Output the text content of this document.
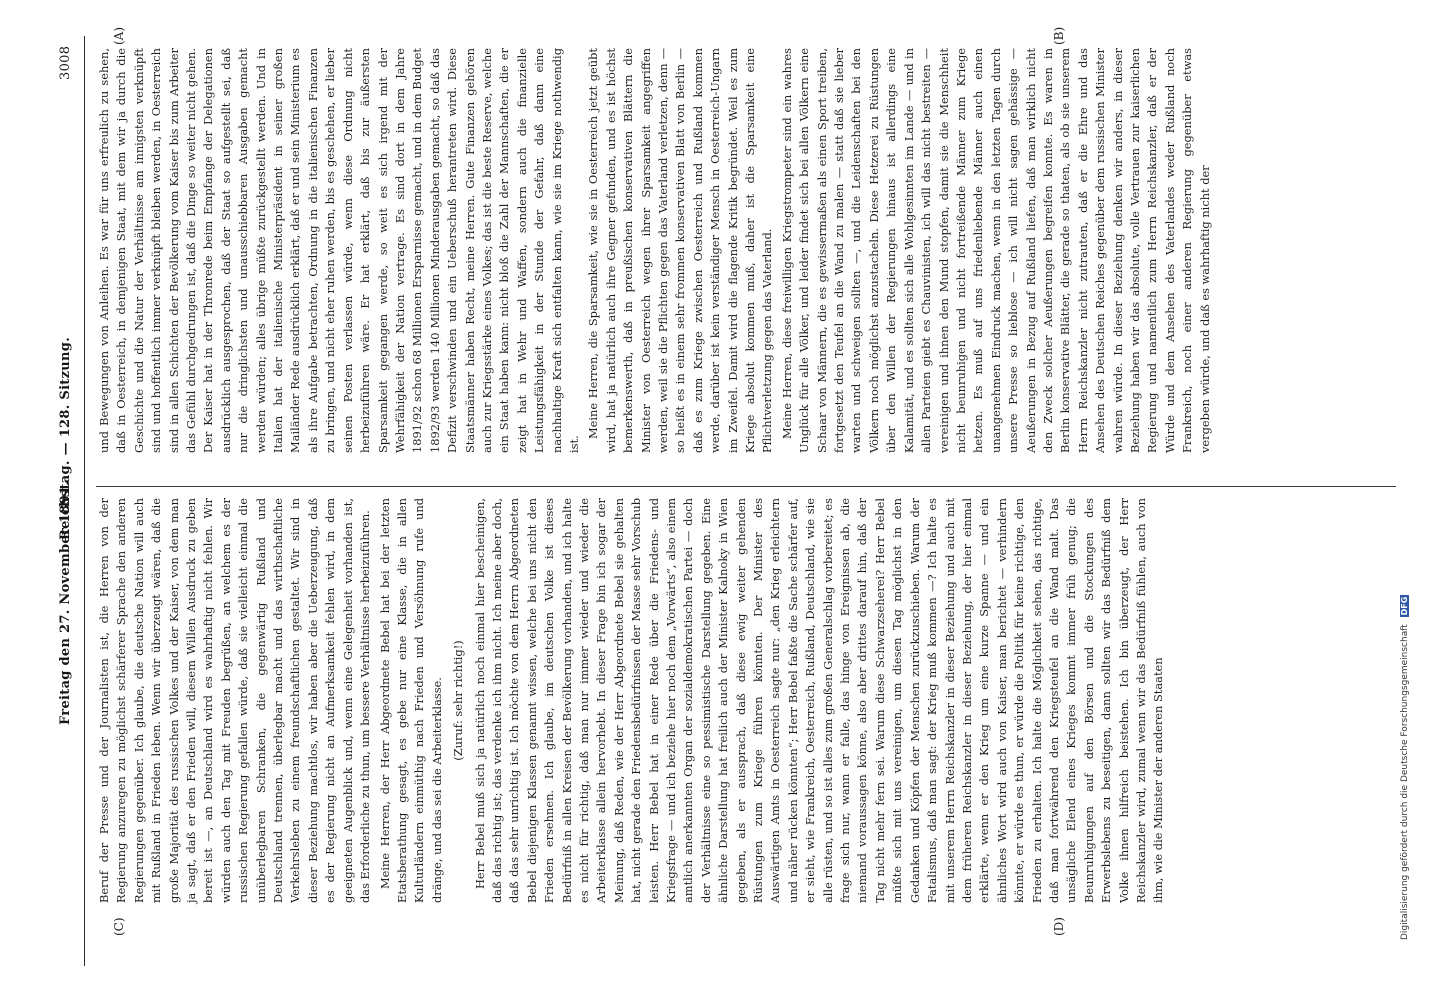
3008
Reichstag. — 128. Sitzung.
Freitag den 27. November 1891.
(A)	(B)
(C)	(D)

und Bewegungen von Anleihen. Es war für uns erfreulich zu sehen, daß in Oesterreich, in demjenigen Staat, mit dem wir ja durch die Geschichte und die Natur der Verhältnisse am innigsten verknüpft sind und hoffentlich immer verknüpft bleiben werden, in Oesterreich sind in allen Schichten der Bevölkerung vom Kaiser bis zum Arbeiter das Gefühl durchgedrungen ist, daß die Dinge so weiter nicht gehen. Der Kaiser hat in der Thronrede beim Empfange der Delegationen ausdrücklich ausgesprochen, daß der Staat so aufgestellt sei, daß nur die dringlichsten und unausschiebbaren Ausgaben gemacht werden würden; alles übrige müßte zurückgestellt werden. Und in Italien hat der italienische Ministerpräsident in seiner großen Mailänder Rede ausdrücklich erklärt, daß er und sein Ministerium es als ihre Aufgabe betrachten, Ordnung in die italienischen Finanzen zu bringen, und nicht eher ruhen werden, bis es geschehen, er lieber seinen Posten verlassen würde, wenn diese Ordnung nicht herbeizuführen wäre. Er hat erklärt, daß bis zur äußersten Sparsamkeit gegangen werde, so weit es sich irgend mit der Wehrfähigkeit der Nation vertrage. Es sind dort in dem Jahre 1891/92 schon 68 Millionen Ersparnisse gemacht, und in dem Budget 1892/93 werden 140 Millionen Minderausgaben gemacht, so daß das Defizit verschwinden und ein Ueberschuß herantreten wird. Diese Staatsmänner haben Recht, meine Herren. Gute Finanzen gehören auch zur Kriegsstärke eines Volkes; das ist die beste Reserve, welche ein Staat haben kann: nicht bloß die Zahl der Mannschaften, die er zeigt hat in Wehr und Waffen, sondern auch die finanzielle Leistungsfähigkeit in der Stunde der Gefahr, daß dann eine nachhaltige Kraft sich entfalten kann, wie sie im Kriege nothwendig ist.

Meine Herren, die Sparsamkeit, wie sie in Oesterreich jetzt geübt wird, hat ja natürlich auch ihre Gegner gefunden, und es ist höchst bemerkenswerth, daß in preußischen konservativen Blättern die Minister von Oesterreich wegen ihrer Sparsamkeit angegriffen werden, weil sie die Pflichten gegen das Vaterland verletzen, denn — so heißt es in einem sehr frommen konservativen Blatt von Berlin — daß es zum Kriege zwischen Oesterreich und Rußland kommen werde, darüber ist kein verständiger Mensch in Oesterreich-Ungarn im Zweifel. Damit wird die flagende Kritik begründet. Weil es zum Kriege absolut kommen muß, daher ist die Sparsamkeit eine Pflichtverletzung gegen das Vaterland. Meine Herren, diese freiwilligen Kriegstrompeter sind ein wahres Unglück für alle Völker, und leider findet sich bei allen Völkern eine Schaar von Männern, die es gewissermaßen als einen Sport treiben, fortgesetzt den Teufel an die Wand zu malen — statt daß sie lieber warten und schweigen sollten —, und die Leidenschaften bei den Völkern noch möglichst anzustacheln. Diese Hetzerei zu Rüstungen über den Willen der Regierungen hinaus ist allerdings eine Kalamität, und es sollten sich alle Wohlgesinnten im Lande — und in allen Parteien giebt es Chauvinisten, ich will das nicht bestreiten — vereinigen und ihnen den Mund stopfen, damit sie die Menschheit nicht beunruhigen und nicht fortreißende Männer zum Kriege hetzen. Es muß auf uns friedenliebende Männer auch einen unangenehmen Eindruck machen, wenn in den letzten Tagen durch unsere Presse so lieblose — ich will nicht sagen gehässige — Aeußerungen in Bezug auf Rußland liefen, daß man wirklich nicht den Zweck solcher Aeußerungen begreifen konnte. Es waren in Berlin konservative Blätter, die gerade so thaten, als ob sie unserem Herrn Reichskanzler nicht zutrauten, daß er die Ehre und das Ansehen des Deutschen Reiches gegenüber dem russischen Minister wahren würde. In dieser Beziehung denken wir anders, in dieser Beziehung haben wir das absolute, volle Vertrauen zur kaiserlichen Regierung und namentlich zum Herrn Reichskanzler, daß er der Würde und dem Ansehen des Vaterlandes weder Rußland noch Frankreich, noch einer anderen Regierung gegenüber etwas vergeben würde, und daß es wahrhaftig nicht der

Beruf der Presse und der Journalisten ist, die Herren von der Regierung anzuregen zu möglichst schärferer Sprache den anderen Regierungen gegenüber. Ich glaube, die deutsche Nation will auch mit Rußland in Frieden leben. Wenn wir überzeugt wären, daß die große Majorität des russischen Volkes und der Kaiser, von dem man ja sagt, daß er den Frieden will, diesem Willen Ausdruck zu geben bereit ist —, an Deutschland wird es wahrhaftig nicht fehlen. Wir würden auch den Tag mit Freuden begrüßen, an welchem es der russischen Regierung gefallen würde, daß sie vielleicht einmal die unüberlegbaren Schranken, die gegenwärtig Rußland und Deutschland trennen, überlegbar macht und das wirthschaftliche Verkehrsleben zu einem freundschaftlichen gestaltet. Wir sind in dieser Beziehung machtlos, wir haben aber die Ueberzeugung, daß es der Regierung nicht an Aufmerksamkeit fehlen wird, in dem geeigneten Augenblick und, wenn eine Gelegenheit vorhanden ist, das Erforderliche zu thun, um bessere Verhältnisse herbeizuführen. Meine Herren, der Herr Abgeordnete Bebel hat bei der letzten Etatsberathung gesagt, es gebe nur eine Klasse, die in allen Kulturländern einmüthig nach Frieden und Versöhnung rufe und dränge, und das sei die Arbeiterklasse. (Zuruf: sehr richtig!) Herr Bebel muß sich ja natürlich noch einmal hier bescheinigen, daß das richtig ist; das verdenke ich ihm nicht. Ich meine aber doch, daß das sehr unrichtig ist. Ich möchte von dem Herrn Abgeordneten Bebel diejenigen Klassen genannt wissen, welche bei uns nicht den Frieden ersehnen. Ich glaube, im deutschen Volke ist dieses Bedürfniß in allen Kreisen der Bevölkerung vorhanden, und ich halte es nicht für richtig, daß man nur immer wieder und wieder die Arbeiterklasse allein hervorhebt. In dieser Frage bin ich sogar der Meinung, daß Reden, wie der Herr Abgeordnete Bebel sie gehalten hat, nicht gerade den Friedensbedürfnissen der Masse sehr Vorschub leisten. Herr Bebel hat in einer Rede über die Friedens- und Kriegsfrage — und ich beziehe hier noch dem „Vorwärts“, also einem amtlich anerkannten Organ der sozialdemokratischen Partei — doch der Verhältnisse eine so pessimistische Darstellung gegeben. Eine ähnliche Darstellung hat freilich auch der Minister Kalnoky in Wien gegeben, als er aussprach, daß diese ewig weiter gehenden Rüstungen zum Kriege führen könnten. Der Minister des Auswärtigen Amts in Oesterreich sagte nur: „den Krieg erleichtern und näher rücken könnten“; Herr Bebel faßte die Sache schärfer auf, er sieht, wie Frankreich, Oesterreich, Rußland, Deutschland, wie sie alle rüsten, und so ist alles zum großen Generalschlag vorbereitet; es frage sich nur, wann er falle, das hinge von Ereignissen ab, die niemand voraussagen könne, also aber drittes darauf hin, daß der Tag nicht mehr fern sei. Warum diese Schwarzseherei? Herr Bebel müßte sich mit uns vereinigen, um diesen Tag möglichst in den Gedanken und Köpfen der Menschen zurückzuschieben. Warum der Fatalismus, daß man sagt: der Krieg muß kommen —? Ich halte es mit unserem Herrn Reichskanzler in dieser Beziehung und auch mit dem früheren Reichskanzler in dieser Beziehung, der hier einmal erklärte, wenn er den Krieg um eine kurze Spanne — und ein ähnliches Wort wird auch von Kaiser, man berichtet — verhindern könnte, er würde es thun, er würde die Politik für keine richtige, den Frieden zu erhalten. Ich halte die Möglichkeit sehen, das richtige, daß man fortwährend den Kriegsteufel an die Wand malt. Das unsägliche Elend eines Krieges kommt immer früh genug; die Beunruhigungen auf den Börsen und die Stockungen des Erwerbslebens zu beseitigen, dann sollten wir das Bedürfniß dem Volke ihnen hilfreich beistehen. Ich bin überzeugt, der Herr Reichskanzler wird, zumal wenn wir das Bedürfniß fühlen, auch von ihm, wie die Minister der anderen Staaten	Digitalisierung gefördert durch die Deutsche Forschungsgemeinschaft DFG
